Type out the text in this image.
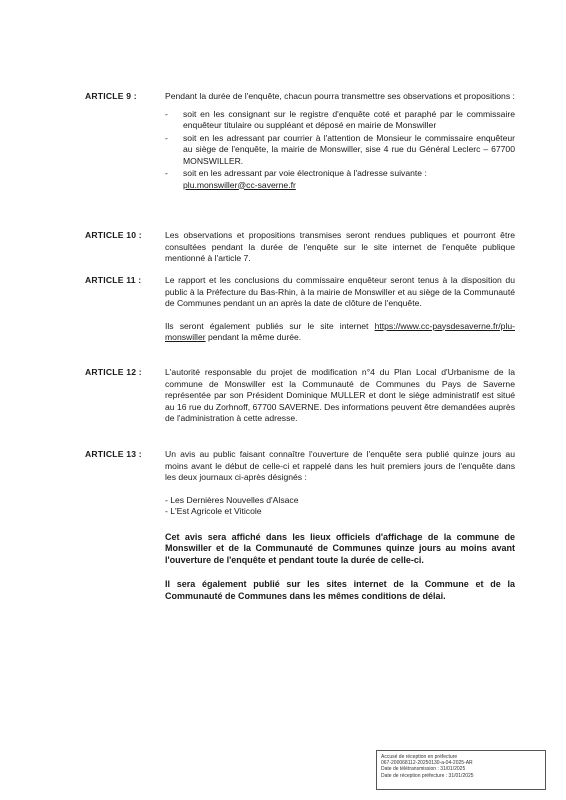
ARTICLE 9 :	Pendant la durée de l'enquête, chacun pourra transmettre ses observations et propositions :

- soit en les consignant sur le registre d'enquête coté et paraphé par le commissaire enquêteur titulaire ou suppléant et déposé en mairie de Monswiller
- soit en les adressant par courrier à l'attention de Monsieur le commissaire enquêteur au siège de l'enquête, la mairie de Monswiller, sise 4 rue du Général Leclerc – 67700 MONSWILLER.
- soit en les adressant par voie électronique à l'adresse suivante :
plu.monswiller@cc-saverne.fr
ARTICLE 10 :	Les observations et propositions transmises seront rendues publiques et pourront être consultées pendant la durée de l'enquête sur le site internet de l'enquête publique mentionné à l'article 7.

ARTICLE 11 :	Le rapport et les conclusions du commissaire enquêteur seront tenus à la disposition du public à la Préfecture du Bas-Rhin, à la mairie de Monswiller et au siège de la Communauté de Communes pendant un an après la date de clôture de l'enquête.

Ils seront également publiés sur le site internet https://www.cc-paysdesaverne.fr/plu-monswiller pendant la même durée.

ARTICLE 12 :	L'autorité responsable du projet de modification n°4 du Plan Local d'Urbanisme de la commune de Monswiller est la Communauté de Communes du Pays de Saverne représentée par son Président Dominique MULLER et dont le siège administratif est situé au 16 rue du Zorhnoff, 67700 SAVERNE. Des informations peuvent être demandées auprès de l'administration à cette adresse.

ARTICLE 13 :	Un avis au public faisant connaître l'ouverture de l'enquête sera publié quinze jours au moins avant le début de celle-ci et rappelé dans les huit premiers jours de l'enquête dans les deux journaux ci-après désignés :

- Les Dernières Nouvelles d'Alsace
- L'Est Agricole et Viticole

Cet avis sera affiché dans les lieux officiels d'affichage de la commune de Monswiller et de la Communauté de Communes quinze jours au moins avant l'ouverture de l'enquête et pendant toute la durée de celle-ci.

Il sera également publié sur les sites internet de la Commune et de la Communauté de Communes dans les mêmes conditions de délai.

Accusé de réception en préfecture
067-200068112-20250130-a-04-2025-AR
Date de télétransmission : 31/01/2025
Date de réception préfecture : 31/01/2025
